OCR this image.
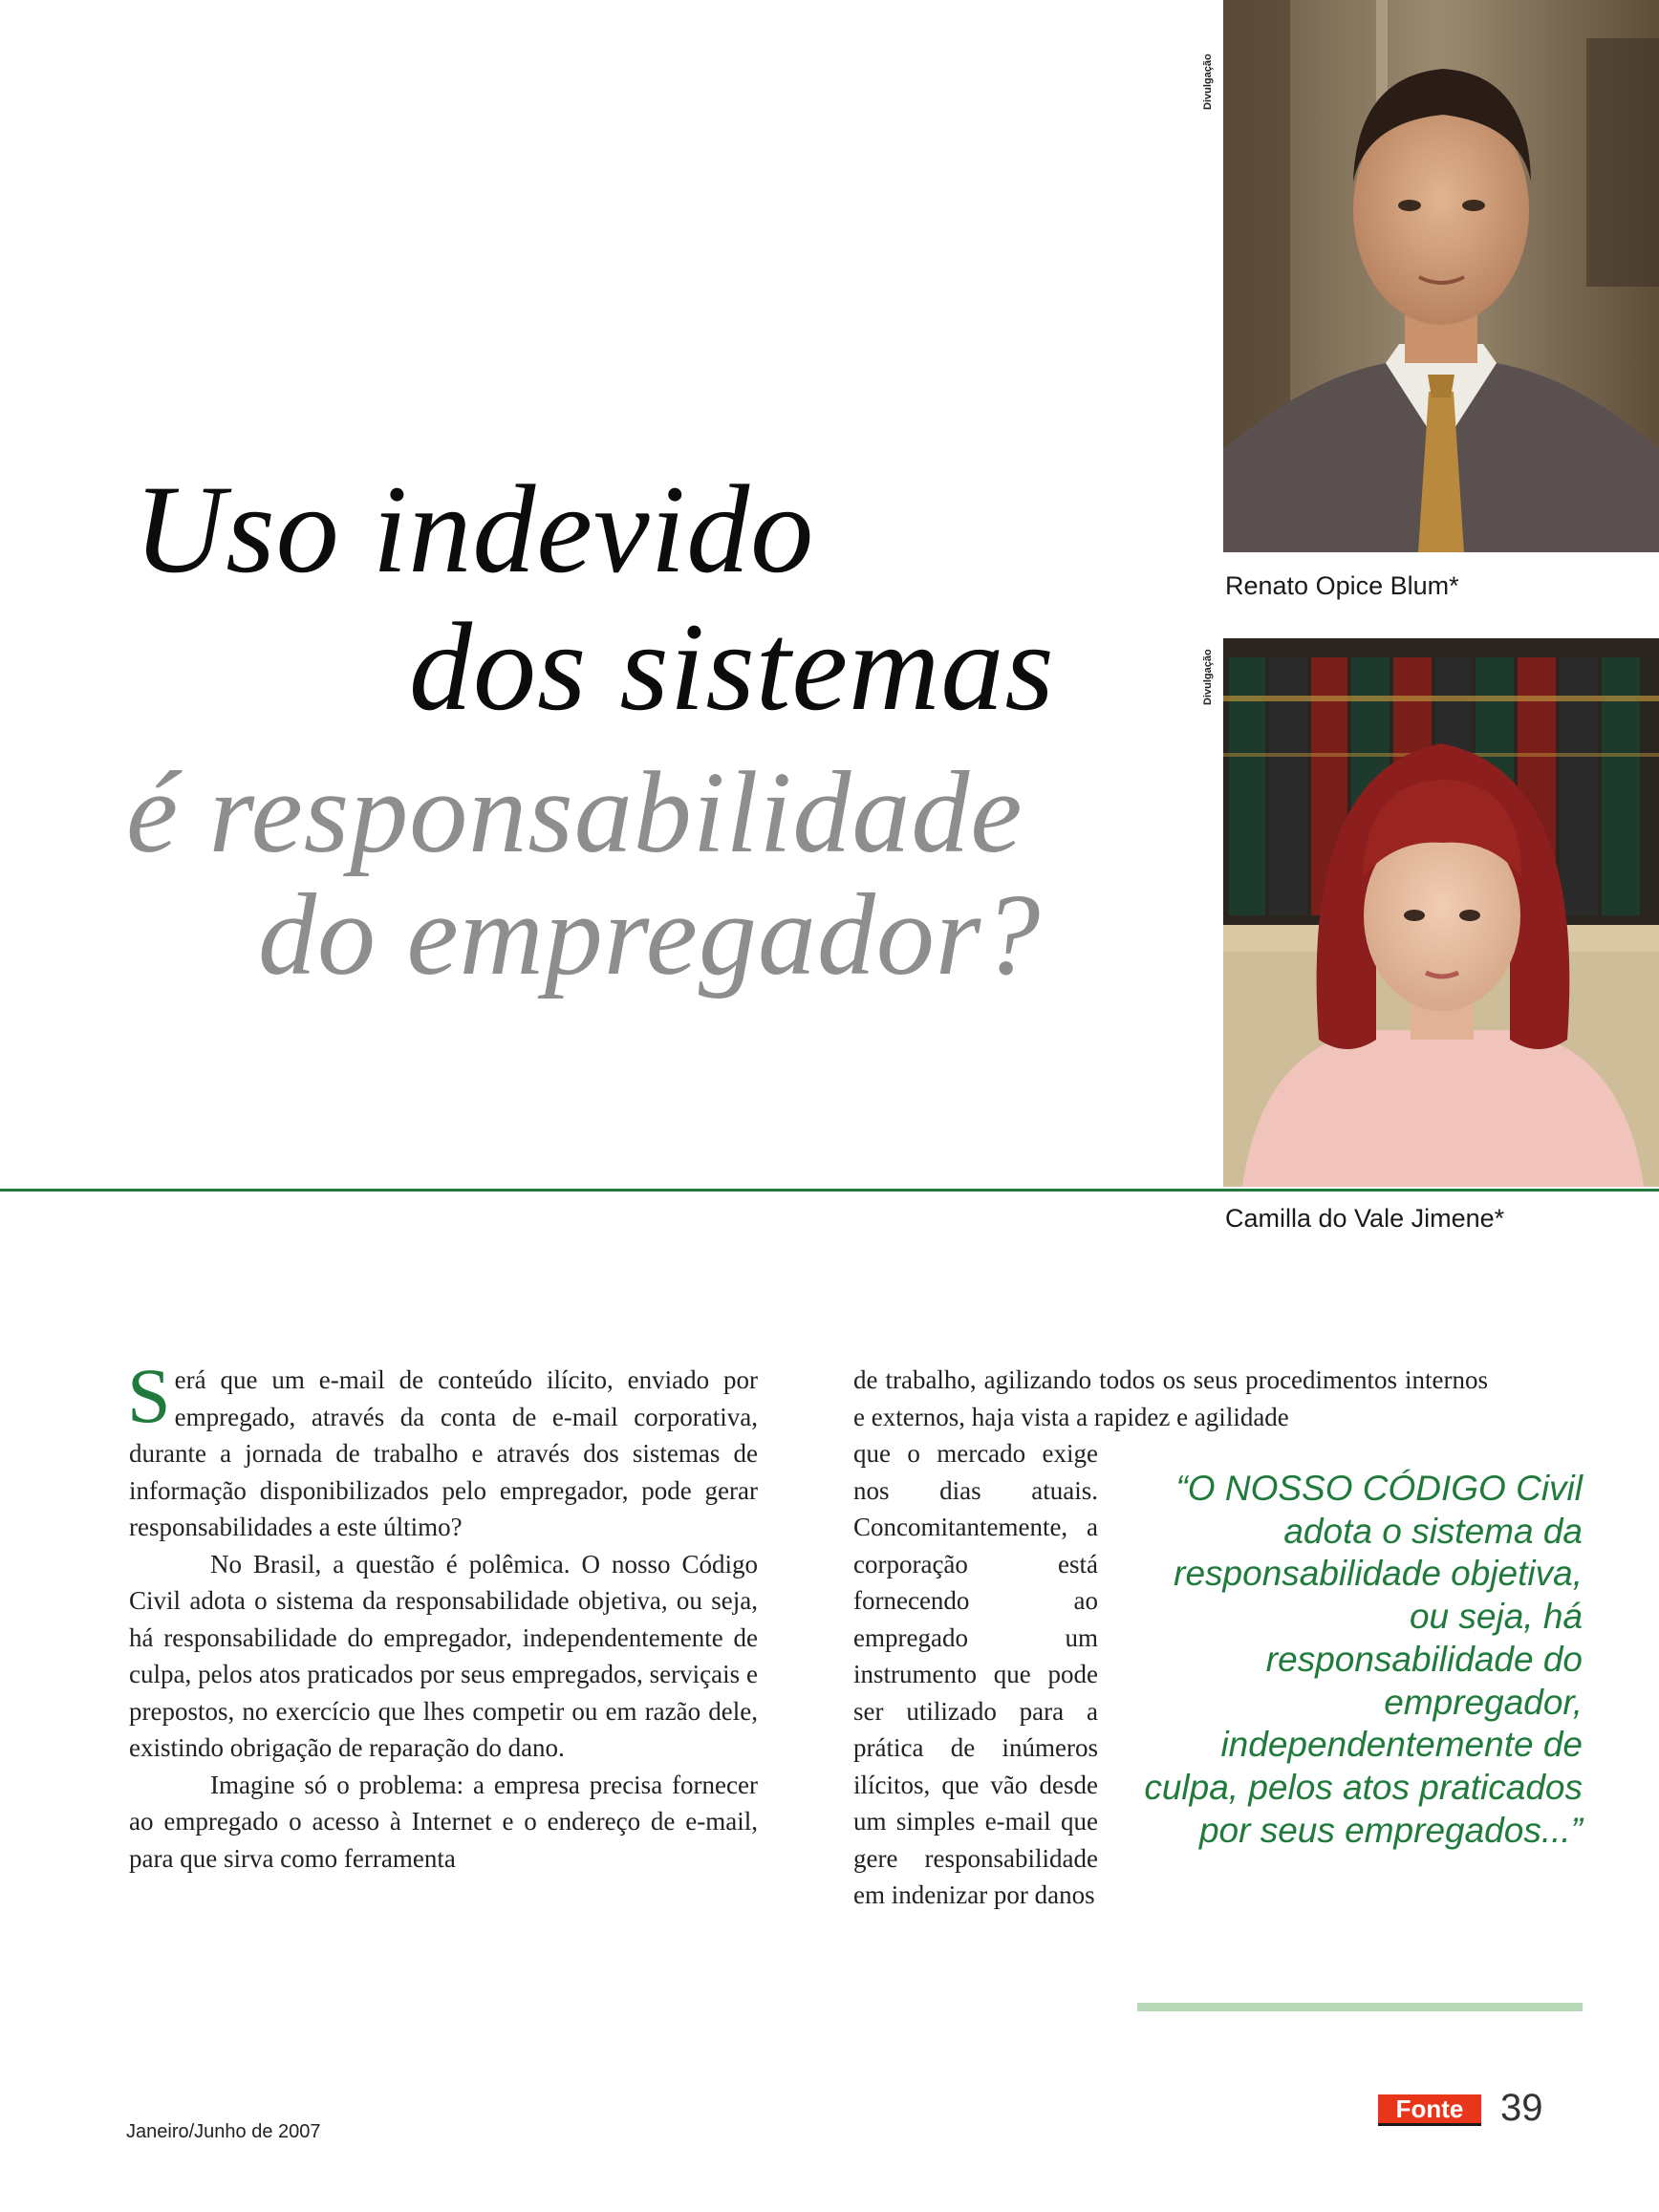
Uso indevido
dos sistemas
é responsabilidade
do empregador?
Divulgação
Renato Opice Blum*
Divulgação
Camilla do Vale Jimene*

Será que um e-mail de conteúdo ilícito, enviado por empregado, através da conta de e-mail corporativa, durante a jornada de trabalho e através dos sistemas de informação disponibilizados pelo empregador, pode gerar responsabilidades a este último?

No Brasil, a questão é polêmica. O nosso Código Civil adota o sistema da responsabilidade objetiva, ou seja, há responsabilidade do empregador, independentemente de culpa, pelos atos praticados por seus empregados, serviçais e prepostos, no exercício que lhes competir ou em razão dele, existindo obrigação de reparação do dano.

Imagine só o problema: a empresa precisa fornecer ao empregado o acesso à Internet e o endereço de e-mail, para que sirva como ferramenta

de trabalho, agilizando todos os seus procedimentos internos e externos, haja vista a rapidez e agilidade
que o mercado exige nos dias atuais. Concomitantemente, a corporação está fornecendo ao empregado um instrumento que pode ser utilizado para a prática de inúmeros ilícitos, que vão desde um simples e-mail que gere responsabilidade em indenizar por danos
“O NOSSO CÓDIGO Civil adota o sistema da responsabilidade objetiva, ou seja, há responsabilidade do empregador, independentemente de culpa, pelos atos praticados por seus empregados...”
Janeiro/Junho de 2007
Fonte 39
